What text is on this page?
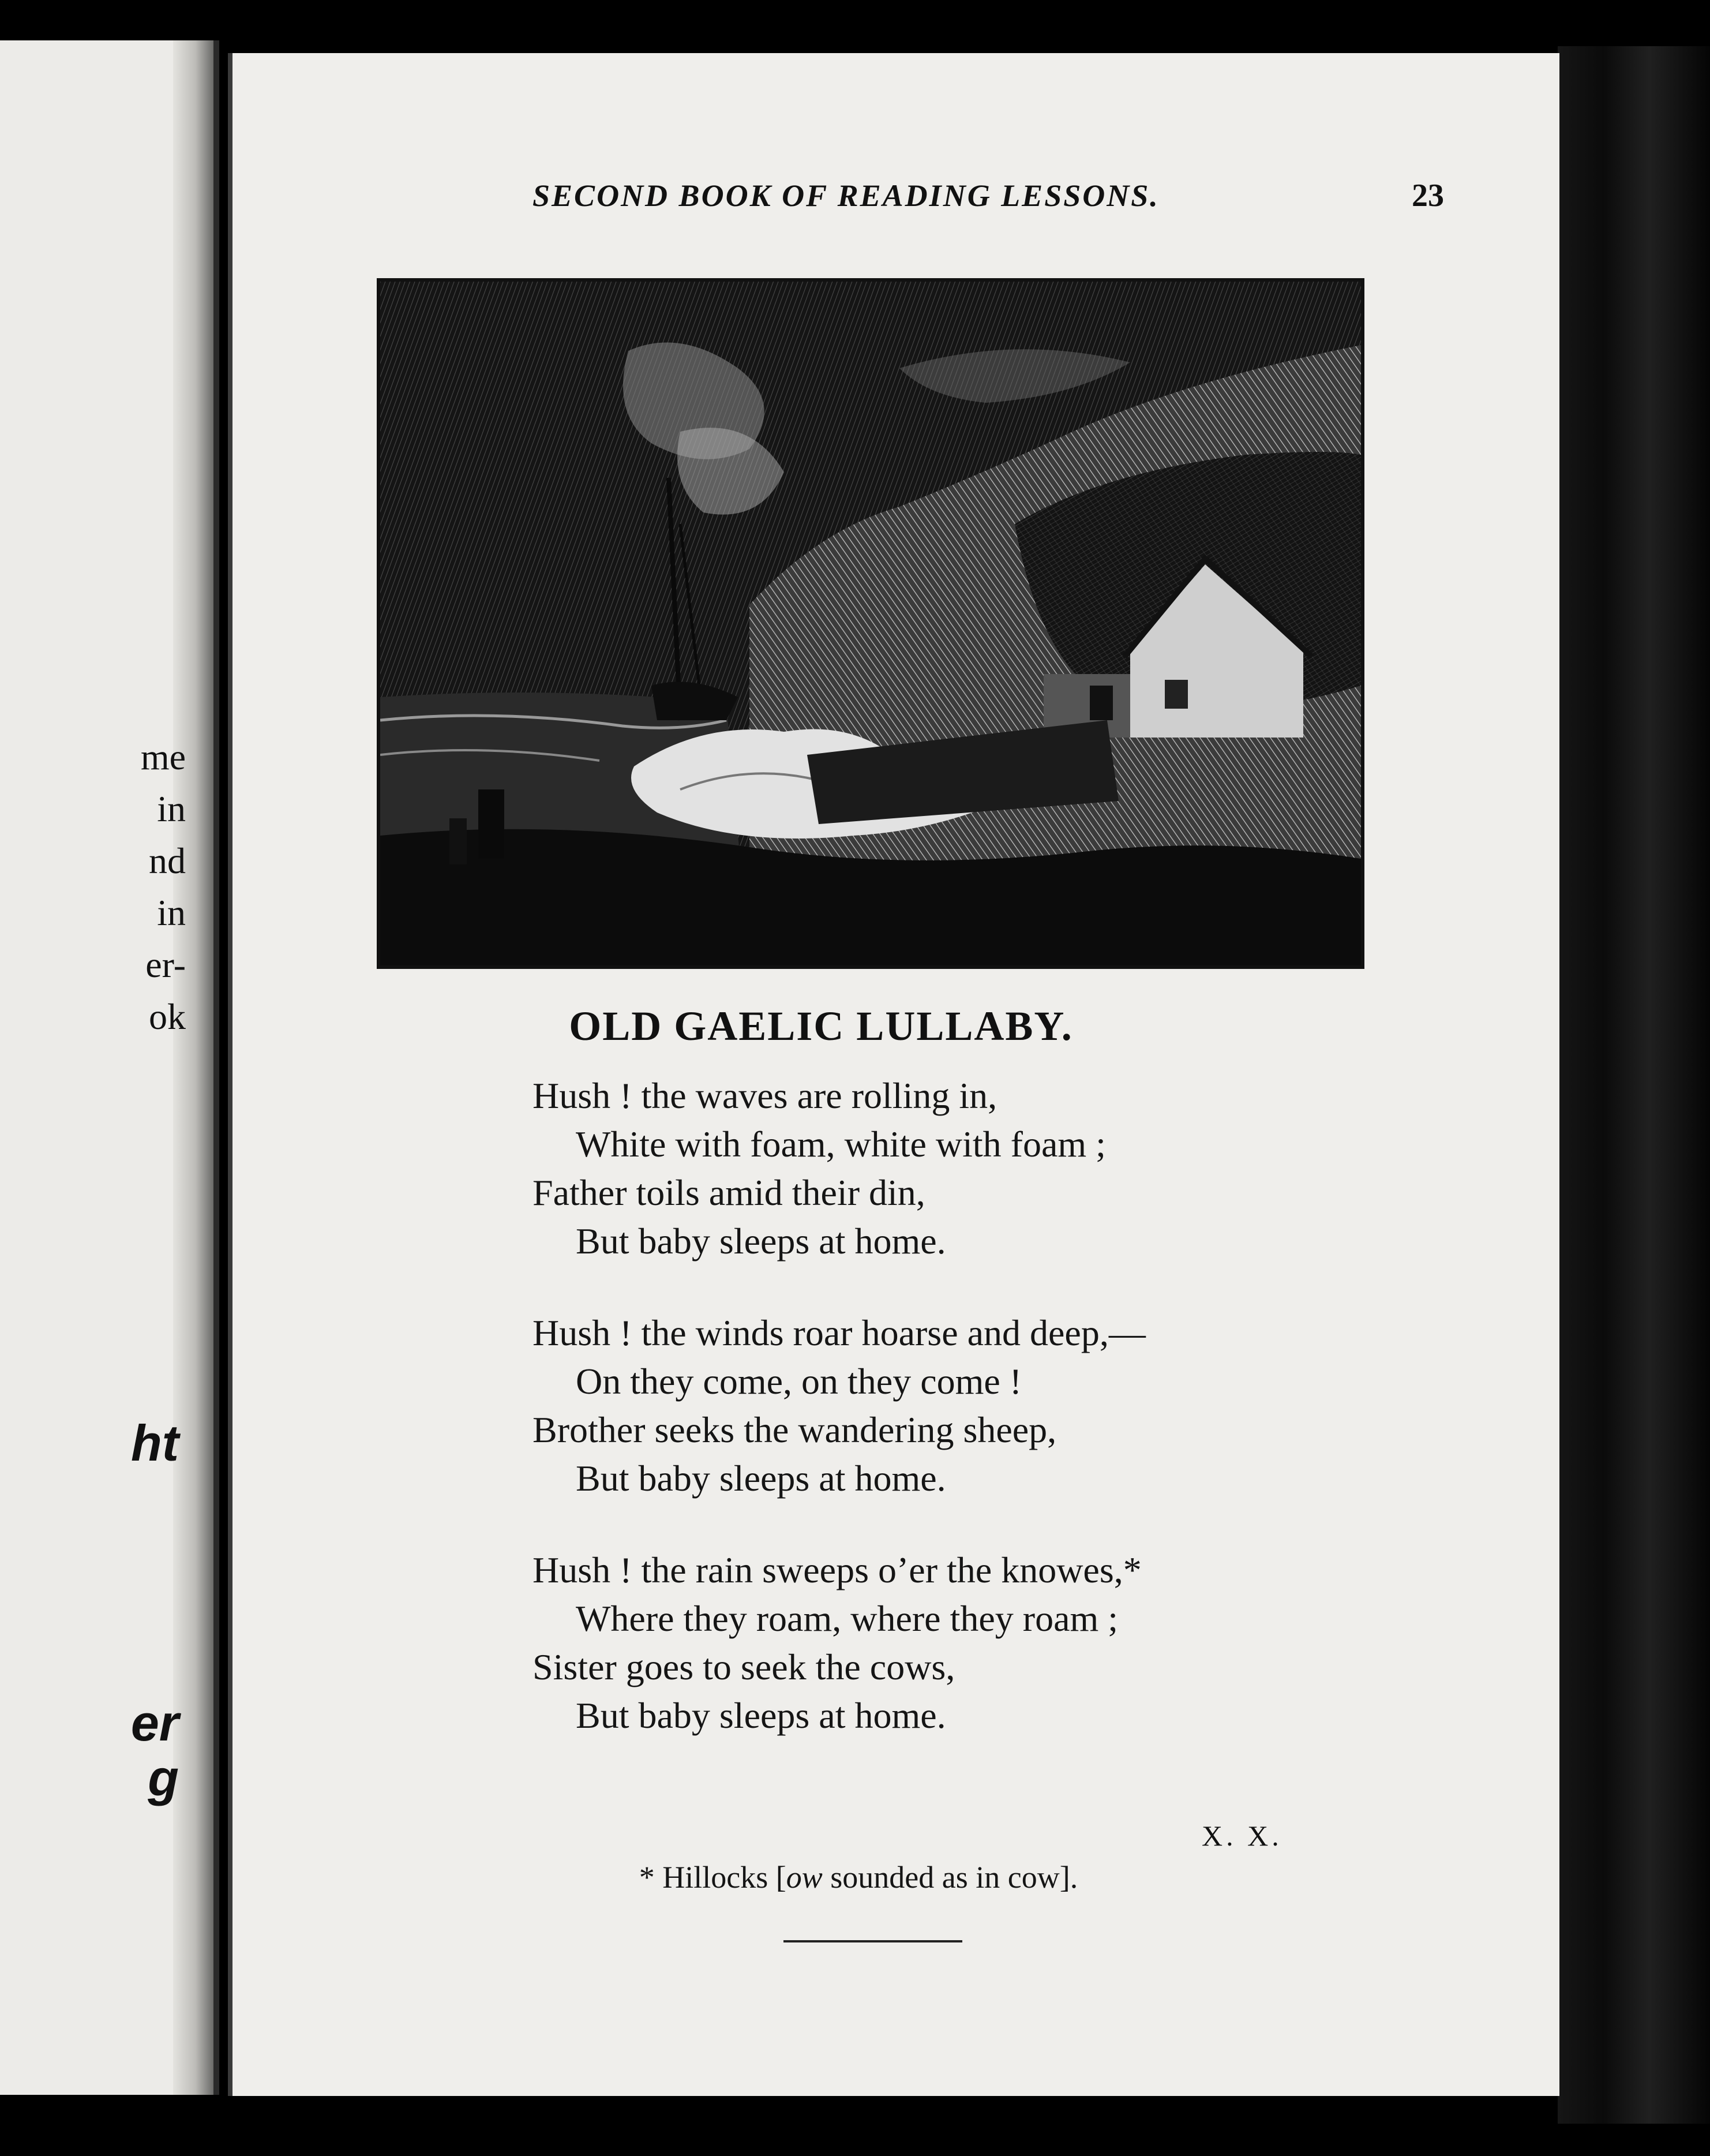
me
in
nd
in
er-
ok
ht
er
g
SECOND BOOK OF READING LESSONS.	23
OLD GAELIC LULLABY.
Hush ! the waves are rolling in,
White with foam, white with foam ;
Father toils amid their din,
But baby sleeps at home.
Hush ! the winds roar hoarse and deep,—
On they come, on they come !
Brother seeks the wandering sheep,
But baby sleeps at home.
Hush ! the rain sweeps o’er the knowes,*
Where they roam, where they roam ;
Sister goes to seek the cows,
But baby sleeps at home.
X. X.
* Hillocks [ow sounded as in cow].
